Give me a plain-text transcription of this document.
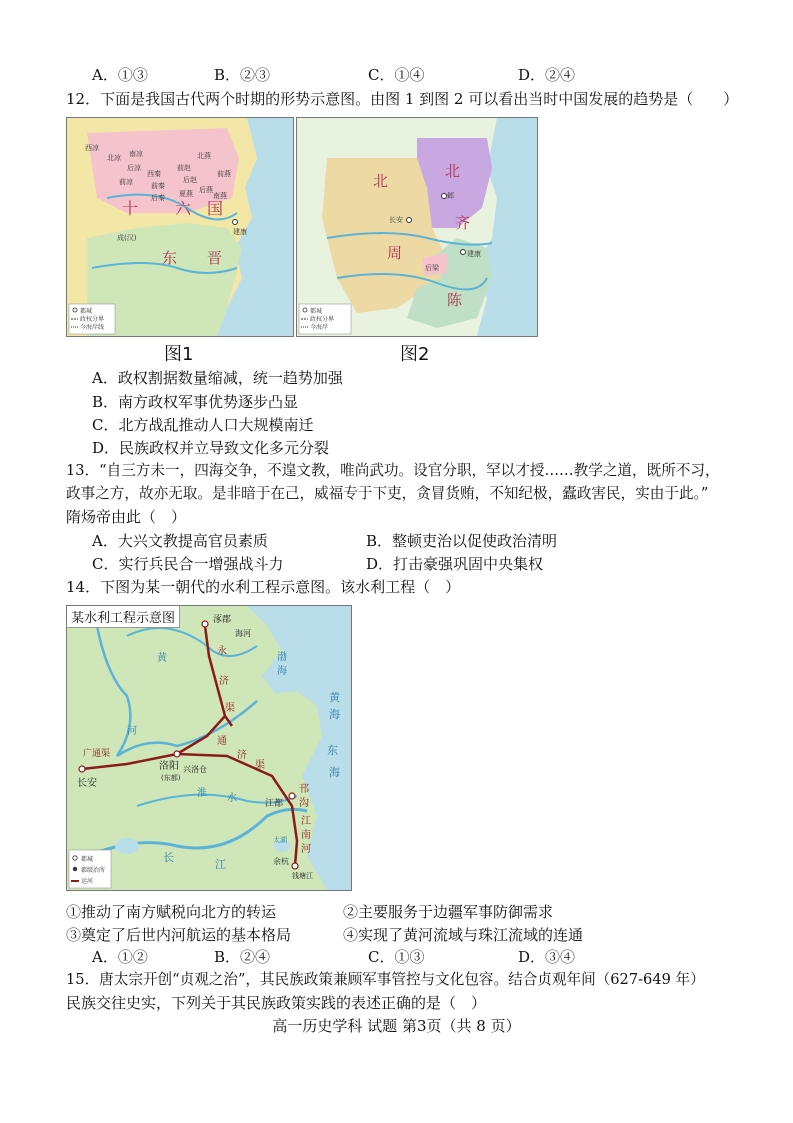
A．①③	B．②③	C．①④	D．②④
12．下面是我国古代两个时期的形势示意图。由图 1 到图 2 可以看出当时中国发展的趋势是（　　）
西凉
北凉 南凉
后凉
前凉
西秦
前秦
后秦
前赵
后赵
北燕
前燕
后燕
夏燕	南燕
十 六 国
成(汉)
建康
东 晋
都城
政权分界
今海岸线
北
周
北
齐
陈
邺
长安
建康
后梁
都城
政权分界
今海岸
图1	图2
A．政权割据数量缩减，统一趋势加强
B．南方政权军事优势逐步凸显
C．北方战乱推动人口大规模南迁
D．民族政权并立导致文化多元分裂
13．“自三方未一，四海交争，不遑文教，唯尚武功。设官分职，罕以才授……教学之道，既所不习，
政事之方，故亦无取。是非暗于在己，威福专于下吏，贪冒货贿，不知纪极，蠹政害民，实由于此。”
隋炀帝由此（　）
A．大兴文教提高官员素质	B．整顿吏治以促使政治清明
C．实行兵民合一增强战斗力	D．打击豪强巩固中央集权
14．下图为某一朝代的水利工程示意图。该水利工程（　）
涿郡
海河
渤
海
黄
河
永
济
渠
广通渠
洛阳
(东都)
兴洛仓
长安
通
济
渠
黄
海
东
海
淮 水	江都
邗
沟
江
南
河
太湖
余杭
钱塘江
长
江
都城
郡级治所
运河
某水利工程示意图
①推动了南方赋税向北方的转运	②主要服务于边疆军事防御需求
③奠定了后世内河航运的基本格局	④实现了黄河流域与珠江流域的连通
A．①②	B．②④	C．①③	D．③④
15．唐太宗开创“贞观之治”，其民族政策兼顾军事管控与文化包容。结合贞观年间（627-649 年）
民族交往史实，下列关于其民族政策实践的表述正确的是（　）
高一历史学科 试题 第3页（共 8 页）
